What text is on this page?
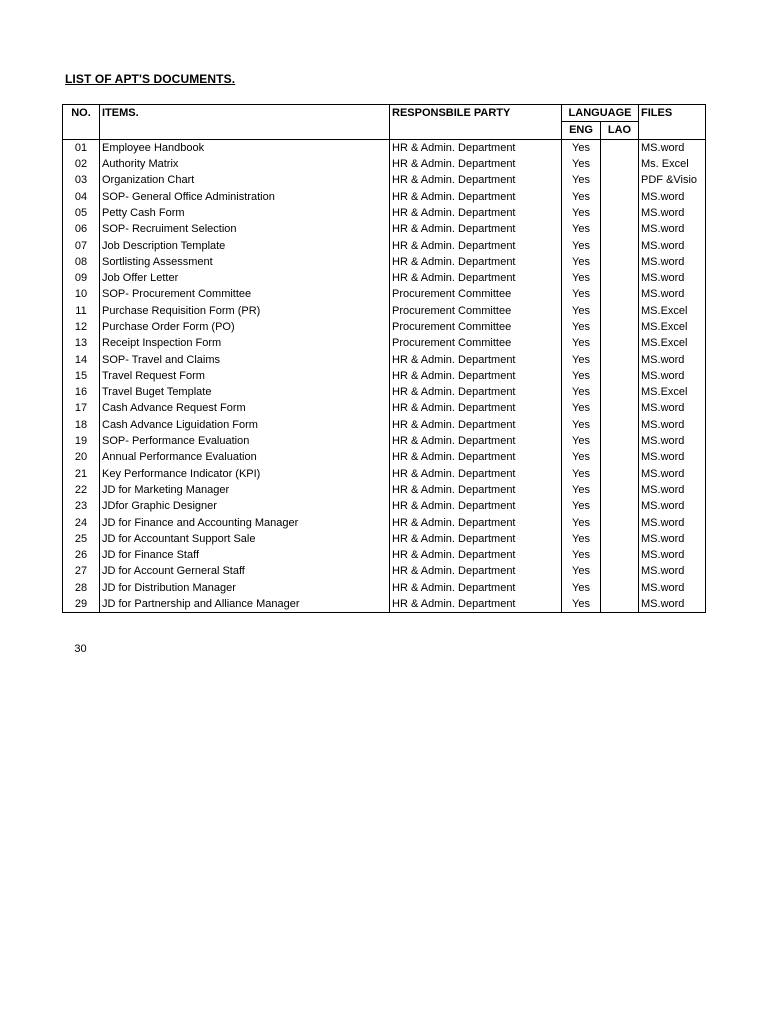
LIST OF APT'S DOCUMENTS.
NO.	ITEMS.	RESPONSBILE PARTY	LANGUAGE		FILES
			ENG	LAO	
01	Employee Handbook	HR & Admin. Department	Yes		MS.word
02	Authority Matrix	HR & Admin. Department	Yes		Ms. Excel
03	Organization Chart	HR & Admin. Department	Yes		PDF &Visio
04	SOP- General Office Administration	HR & Admin. Department	Yes		MS.word
05	Petty Cash Form	HR & Admin. Department	Yes		MS.word
06	SOP- Recruiment Selection	HR & Admin. Department	Yes		MS.word
07	Job Description Template	HR & Admin. Department	Yes		MS.word
08	Sortlisting Assessment	HR & Admin. Department	Yes		MS.word
09	Job Offer Letter	HR & Admin. Department	Yes		MS.word
10	SOP- Procurement Committee	Procurement Committee	Yes		MS.word
11	Purchase Requisition Form (PR)	Procurement Committee	Yes		MS.Excel
12	Purchase Order Form (PO)	Procurement Committee	Yes		MS.Excel
13	Receipt Inspection Form	Procurement Committee	Yes		MS.Excel
14	SOP- Travel and Claims	HR & Admin. Department	Yes		MS.word
15	Travel Request Form	HR & Admin. Department	Yes		MS.word
16	Travel Buget Template	HR & Admin. Department	Yes		MS.Excel
17	Cash Advance Request Form	HR & Admin. Department	Yes		MS.word
18	Cash Advance Liguidation Form	HR & Admin. Department	Yes		MS.word
19	SOP- Performance Evaluation	HR & Admin. Department	Yes		MS.word
20	Annual Performance Evaluation	HR & Admin. Department	Yes		MS.word
21	Key Performance Indicator (KPI)	HR & Admin. Department	Yes		MS.word
22	JD for Marketing Manager	HR & Admin. Department	Yes		MS.word
23	JDfor Graphic Designer	HR & Admin. Department	Yes		MS.word
24	JD for Finance and Accounting Manager	HR & Admin. Department	Yes		MS.word
25	JD for Accountant Support Sale	HR & Admin. Department	Yes		MS.word
26	JD for Finance Staff	HR & Admin. Department	Yes		MS.word
27	JD for Account Gerneral Staff	HR & Admin. Department	Yes		MS.word
28	JD for Distribution Manager	HR & Admin. Department	Yes		MS.word
29	JD for Partnership and Alliance Manager	HR & Admin. Department	Yes		MS.word
30
